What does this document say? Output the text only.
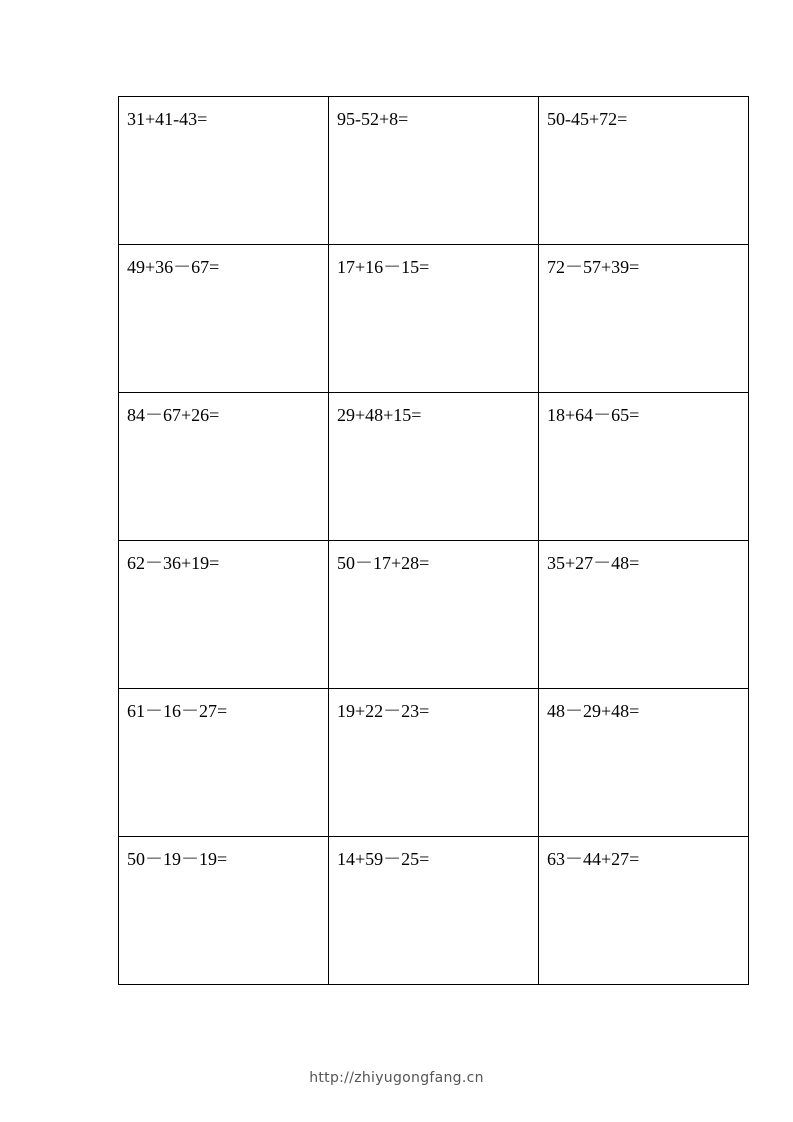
31+41-43=	95-52+8=	50-45+72=

49+36－67=	17+16－15=	72－57+39=

84－67+26=	29+48+15=	18+64－65=

62－36+19=	50－17+28=	35+27－48=

61－16－27=	19+22－23=	48－29+48=

50－19－19=	14+59－25=	63－44+27=
http://zhiyugongfang.cn
